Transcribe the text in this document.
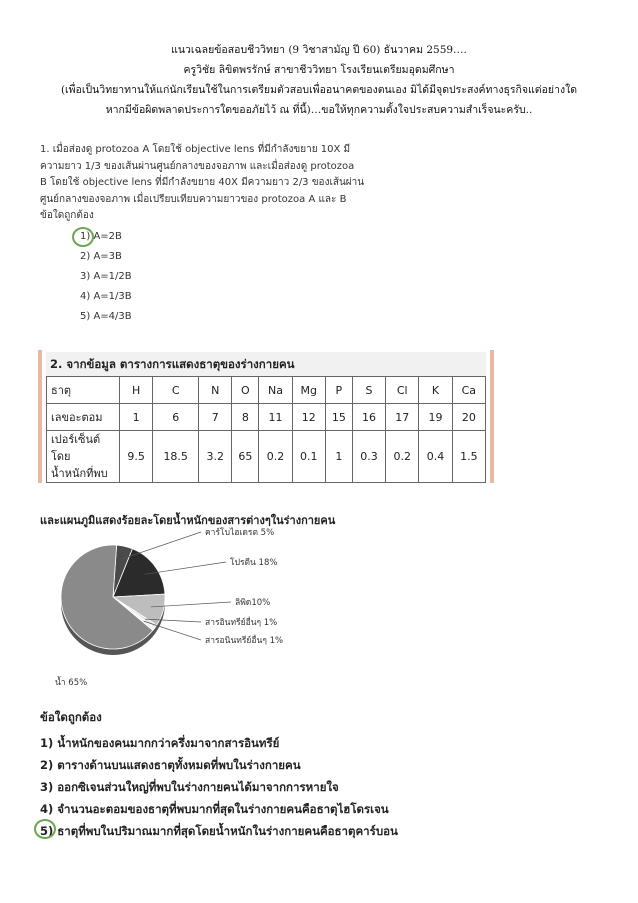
แนวเฉลยข้อสอบชีววิทยา (9 วิชาสามัญ ปี 60) ธันวาคม 2559….
ครูวิชัย ลิขิตพรรักษ์ สาขาชีววิทยา โรงเรียนเตรียมอุดมศึกษา
(เพื่อเป็นวิทยาทานให้แก่นักเรียนใช้ในการเตรียมตัวสอบเพื่ออนาคตของตนเอง มิได้มีจุดประสงค์ทางธุรกิจแต่อย่างใด
หากมีข้อผิดพลาดประการใดขออภัยไว้ ณ ที่นี้)…ขอให้ทุกความตั้งใจประสบความสำเร็จนะครับ..
1. เมื่อส่องดู protozoa A โดยใช้ objective lens ที่มีกำลังขยาย 10X มี
ความยาว 1/3 ของเส้นผ่านศูนย์กลางของจอภาพ และเมื่อส่องดู protozoa
B โดยใช้ objective lens ที่มีกำลังขยาย 40X มีความยาว 2/3 ของเส้นผ่าน
ศูนย์กลางของจอภาพ เมื่อเปรียบเทียบความยาวของ protozoa A และ B
ข้อใดถูกต้อง
1) A=2B
2) A=3B
3) A=1/2B
4) A=1/3B
5) A=4/3B
2. จากข้อมูล ตารางการแสดงธาตุของร่างกายคน
ธาตุ	H	C	N	O	Na	Mg	P	S	Cl	K	Ca
เลขอะตอม	1	6	7	8	11	12	15	16	17	19	20

เปอร์เซ็นต์โดย
น้ำหนักที่พบ	9.5	18.5	3.2	65	0.2	0.1	1	0.3	0.2	0.4	1.5
และแผนภูมิแสดงร้อยละโดยน้ำหนักของสารต่างๆในร่างกายคน
คาร์โบไฮเดรต 5%
โปรตีน 18%
ลิพิด10%
สารอินทรีย์อื่นๆ 1%
สารอนินทรีย์อื่นๆ 1%
น้ำ 65%
ข้อใดถูกต้อง
1) น้ำหนักของคนมากกว่าครึ่งมาจากสารอินทรีย์
2) ตารางด้านบนแสดงธาตุทั้งหมดที่พบในร่างกายคน
3) ออกซิเจนส่วนใหญ่ที่พบในร่างกายคนได้มาจากการหายใจ
4) จำนวนอะตอมของธาตุที่พบมากที่สุดในร่างกายคนคือธาตุไฮโดรเจน
5) ธาตุที่พบในปริมาณมากที่สุดโดยน้ำหนักในร่างกายคนคือธาตุคาร์บอน
